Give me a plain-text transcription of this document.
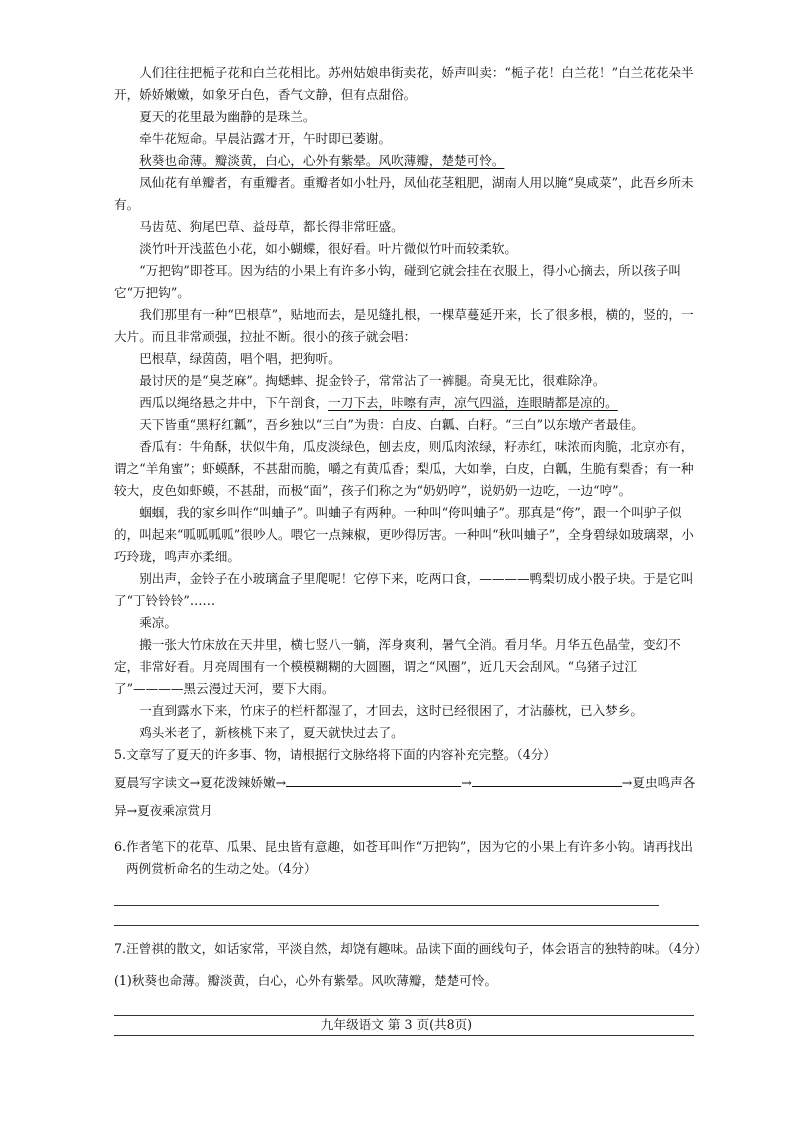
人们往往把栀子花和白兰花相比。苏州姑娘串街卖花，娇声叫卖：“栀子花！白兰花！”白兰花花朵半开，娇娇嫩嫩，如象牙白色，香气文静，但有点甜俗。

夏天的花里最为幽静的是珠兰。

牵牛花短命。早晨沾露才开，午时即已萎谢。

秋葵也命薄。瓣淡黄，白心，心外有紫晕。风吹薄瓣，楚楚可怜。

凤仙花有单瓣者，有重瓣者。重瓣者如小牡丹，凤仙花茎粗肥，湖南人用以腌“臭咸菜”，此吾乡所未有。

马齿苋、狗尾巴草、益母草，都长得非常旺盛。

淡竹叶开浅蓝色小花，如小蝴蝶，很好看。叶片微似竹叶而较柔软。

“万把钩”即苍耳。因为结的小果上有许多小钩，碰到它就会挂在衣服上，得小心摘去，所以孩子叫它“万把钩”。

我们那里有一种“巴根草”，贴地而去，是见缝扎根，一棵草蔓延开来，长了很多根，横的，竖的，一大片。而且非常顽强，拉扯不断。很小的孩子就会唱：

巴根草，绿茵茵，唱个唱，把狗听。

最讨厌的是“臭芝麻”。掏蟋蟀、捉金铃子，常常沾了一裤腿。奇臭无比，很难除净。

西瓜以绳络悬之井中，下午剖食，一刀下去，咔嚓有声，凉气四溢，连眼睛都是凉的。

天下皆重“黑籽红瓤”，吾乡独以“三白”为贵：白皮、白瓤、白籽。“三白”以东墩产者最佳。

香瓜有：牛角酥，状似牛角，瓜皮淡绿色，刨去皮，则瓜肉浓绿，籽赤红，味浓而肉脆，北京亦有，谓之“羊角蜜”；虾蟆酥，不甚甜而脆，嚼之有黄瓜香；梨瓜，大如拳，白皮，白瓤，生脆有梨香；有一种较大，皮色如虾蟆，不甚甜，而极“面”，孩子们称之为“奶奶哼”，说奶奶一边吃，一边“哼”。

蝈蝈，我的家乡叫作“叫蛐子”。叫蛐子有两种。一种叫“侉叫蛐子”。那真是“侉”，跟一个叫驴子似的，叫起来“呱呱呱呱”很吵人。喂它一点辣椒，更吵得厉害。一种叫“秋叫蛐子”，全身碧绿如玻璃翠，小巧玲珑，鸣声亦柔细。

别出声，金铃子在小玻璃盒子里爬呢！它停下来，吃两口食，————鸭梨切成小骰子块。于是它叫了“丁铃铃铃”……

乘凉。

搬一张大竹床放在天井里，横七竖八一躺，浑身爽利，暑气全消。看月华。月华五色晶莹，变幻不定，非常好看。月亮周围有一个模模糊糊的大圆圈，谓之“风圈”，近几天会刮风。“乌猪子过江了”————黑云漫过天河，要下大雨。

一直到露水下来，竹床子的栏杆都湿了，才回去，这时已经很困了，才沾藤枕，已入梦乡。

鸡头米老了，新核桃下来了，夏天就快过去了。

5.文章写了夏天的许多事、物，请根据行文脉络将下面的内容补充完整。（4分）

夏晨写字读文→夏花泼辣娇嫩→	→	→夏虫鸣声各

异→夏夜乘凉赏月

6.作者笔下的花草、瓜果、昆虫皆有意趣，如苍耳叫作“万把钩”，因为它的小果上有许多小钩。请再找出两例赏析命名的生动之处。（4分）

7.汪曾祺的散文，如话家常，平淡自然，却饶有趣味。品读下面的画线句子，体会语言的独特韵味。（4分）

(1)秋葵也命薄。瓣淡黄，白心，心外有紫晕。风吹薄瓣，楚楚可怜。

九年级语文 第 3 页(共8页)
